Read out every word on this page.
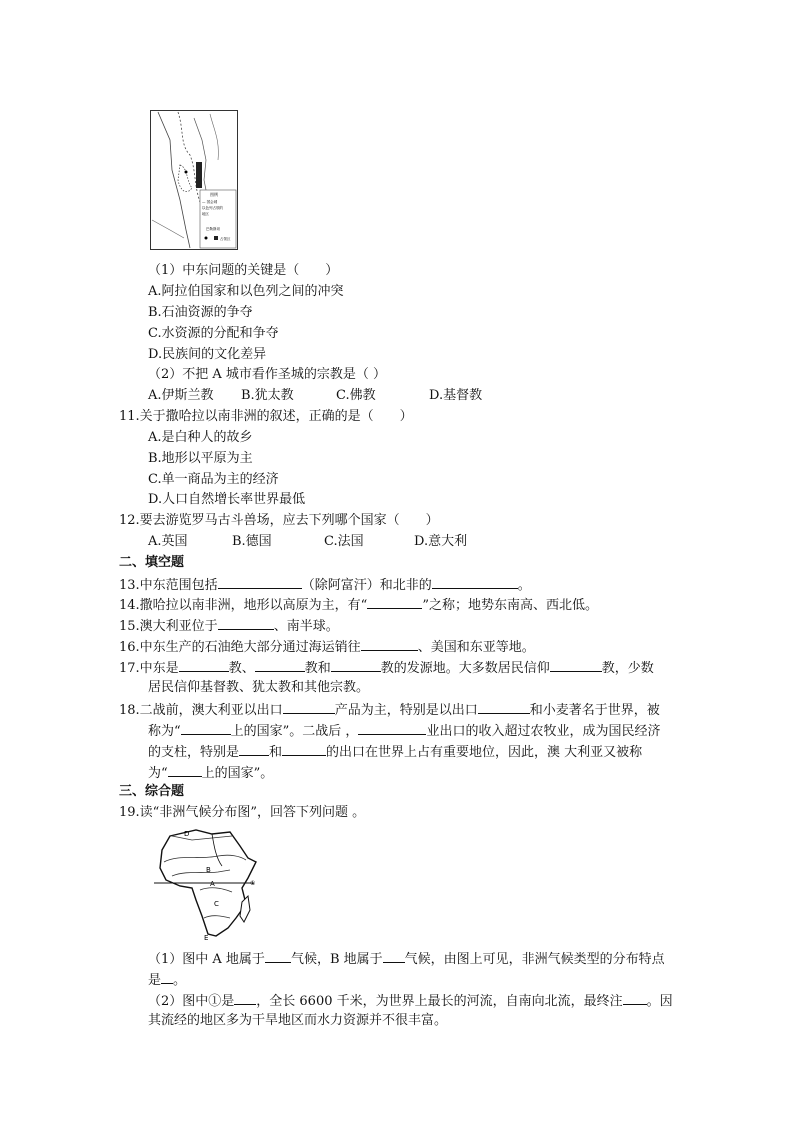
图例
— 国会城
以色列占领的
地区
巴勒斯坦
占领区
（1）中东问题的关键是（　　）
A.阿拉伯国家和以色列之间的冲突
B.石油资源的争夺
C.水资源的分配和争夺
D.民族间的文化差异
（2）不把 A 城市看作圣城的宗教是（ ）
A.伊斯兰教 B.犹太教	C.佛教	D.基督教
11.关于撒哈拉以南非洲的叙述，正确的是（　　）
A.是白种人的故乡
B.地形以平原为主
C.单一商品为主的经济
D.人口自然增长率世界最低
12.要去游览罗马古斗兽场，应去下列哪个国家（　　）
A.英国	B.德国	C.法国	D.意大利
二、填空题
13.中东范围包括	（除阿富汗）和北非的	。
14.撒哈拉以南非洲，地形以高原为主，有“	”之称；地势东南高、西北低。
15.澳大利亚位于	、南半球。
16.中东生产的石油绝大部分通过海运销往	、美国和东亚等地。
17.中东是	教、	教和	教的发源地。大多数居民信仰	教，少数
居民信仰基督教、犹太教和其他宗教。
18.二战前，澳大利亚以出口	产品为主，特别是以出口	和小麦著名于世界，被
称为“	上的国家”。二战后 ，	业出口的收入超过农牧业，成为国民经济
的支柱，特别是 和	的出口在世界上占有重要地位，因此，澳 大利亚又被称
为“	上的国家”。
三、综合题
19.读“非洲气候分布图”，回答下列问题 。
D
B
A
C
E
①
（1）图中 A 地属于 气候，B 地属于 气候，由图上可见，非洲气候类型的分布特点
是 。
（2）图中①是 ，全长 6600 千米，为世界上最长的河流，自南向北流，最终注 。因
其流经的地区多为干旱地区而水力资源并不很丰富。
